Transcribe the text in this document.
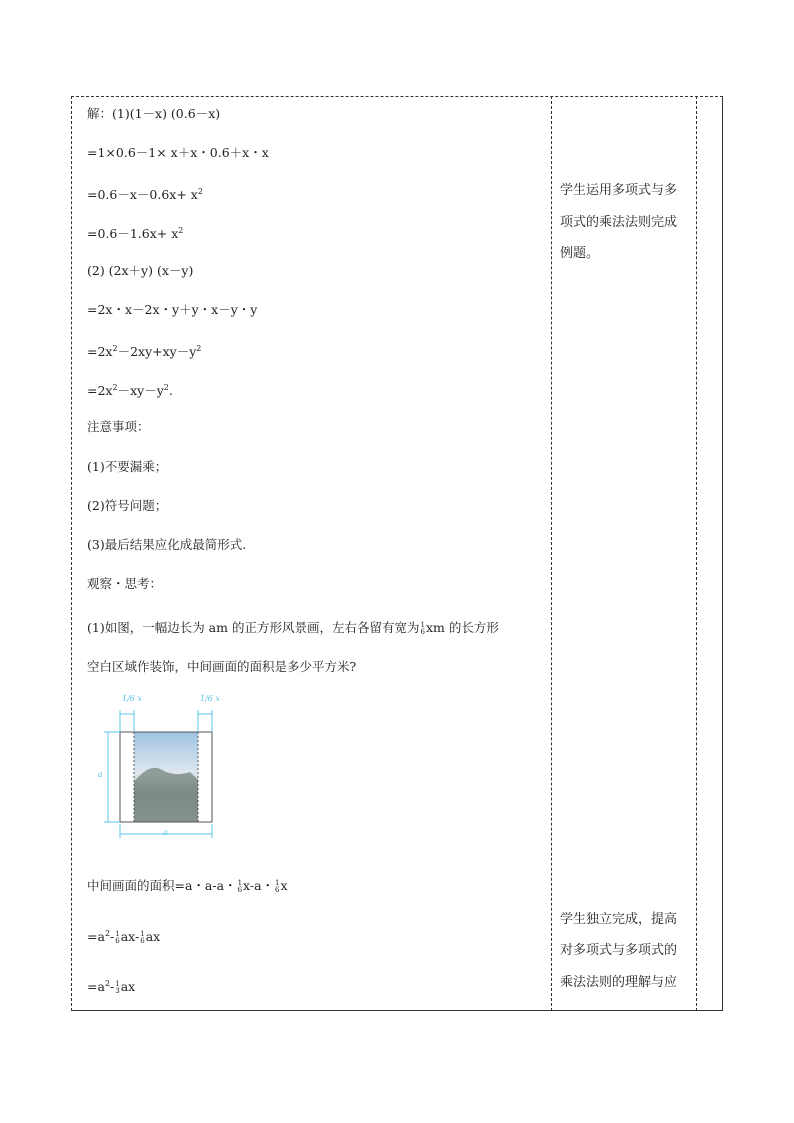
解：(1)(1－x) (0.6－x)
=1×0.6－1× x＋x・0.6＋x・x
$=0.6-x-0.6x+ x^2$
$=0.6-1.6x+ x^2$
(2) (2x＋y) (x－y)
=2x・x－2x・y＋y・x－y・y
$=2x^2-2xy+xy-y^2$
$=2x^2-xy-y^2$.
注意事项：
(1)不要漏乘；
(2)符号问题；
(3)最后结果应化成最简形式.
观察・思考：
(1)如图，一幅边长为 am 的正方形风景画，左右各留有宽为 1
6 xm 的长方形
空白区域作装饰，中间画面的面积是多少平方米?
1/6 x	1/6 x
a
a
中间画面的面积=a・a-a・ 1
6 x-a・ 1
6 x
$=a^2-$ 1
6 ax- 1
6 ax
$=a^2-$ 1
3 ax
学生运用多项式与多
项式的乘法法则完成
例题。
学生独立完成，提高
对多项式与多项式的
乘法法则的理解与应
